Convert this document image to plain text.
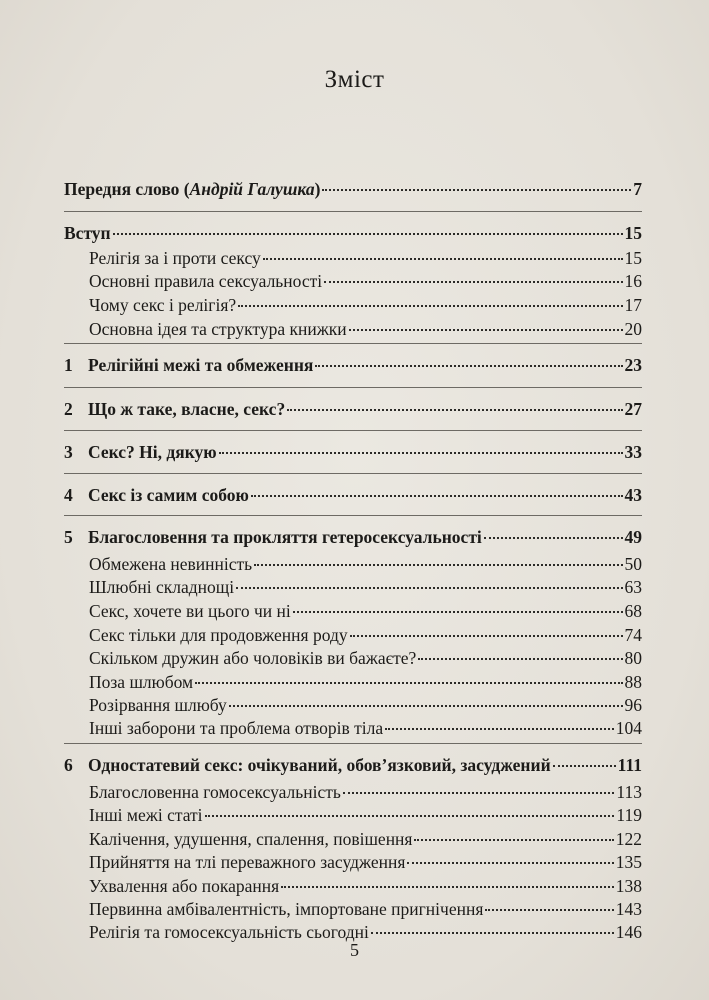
Зміст
Передня слово (Андрій Галушка)	7
Вступ	15
Релігія за і проти сексу	15
Основні правила сексуальності	16
Чому секс і релігія?	17
Основна ідея та структура книжки	20
1 Релігійні межі та обмеження	23
2 Що ж таке, власне, секс?	27
3 Секс? Ні, дякую	33
4 Секс із самим собою	43
5 Благословення та прокляття гетеросексуальності	49
Обмежена невинність	50
Шлюбні складнощі	63
Секс, хочете ви цього чи ні	68
Секс тільки для продовження роду	74
Скільком дружин або чоловіків ви бажаєте?	80
Поза шлюбом	88
Розірвання шлюбу	96
Інші заборони та проблема отворів тіла	104
6 Одностатевий секс: очікуваний, обов’язковий, засуджений	111
Благословенна гомосексуальність	113
Інші межі статі	119
Калічення, удушення, спалення, повішення	122
Прийняття на тлі переважного засудження	135
Ухвалення або покарання	138
Первинна амбівалентність, імпортоване пригнічення	143
Релігія та гомосексуальність сьогодні	146
5
